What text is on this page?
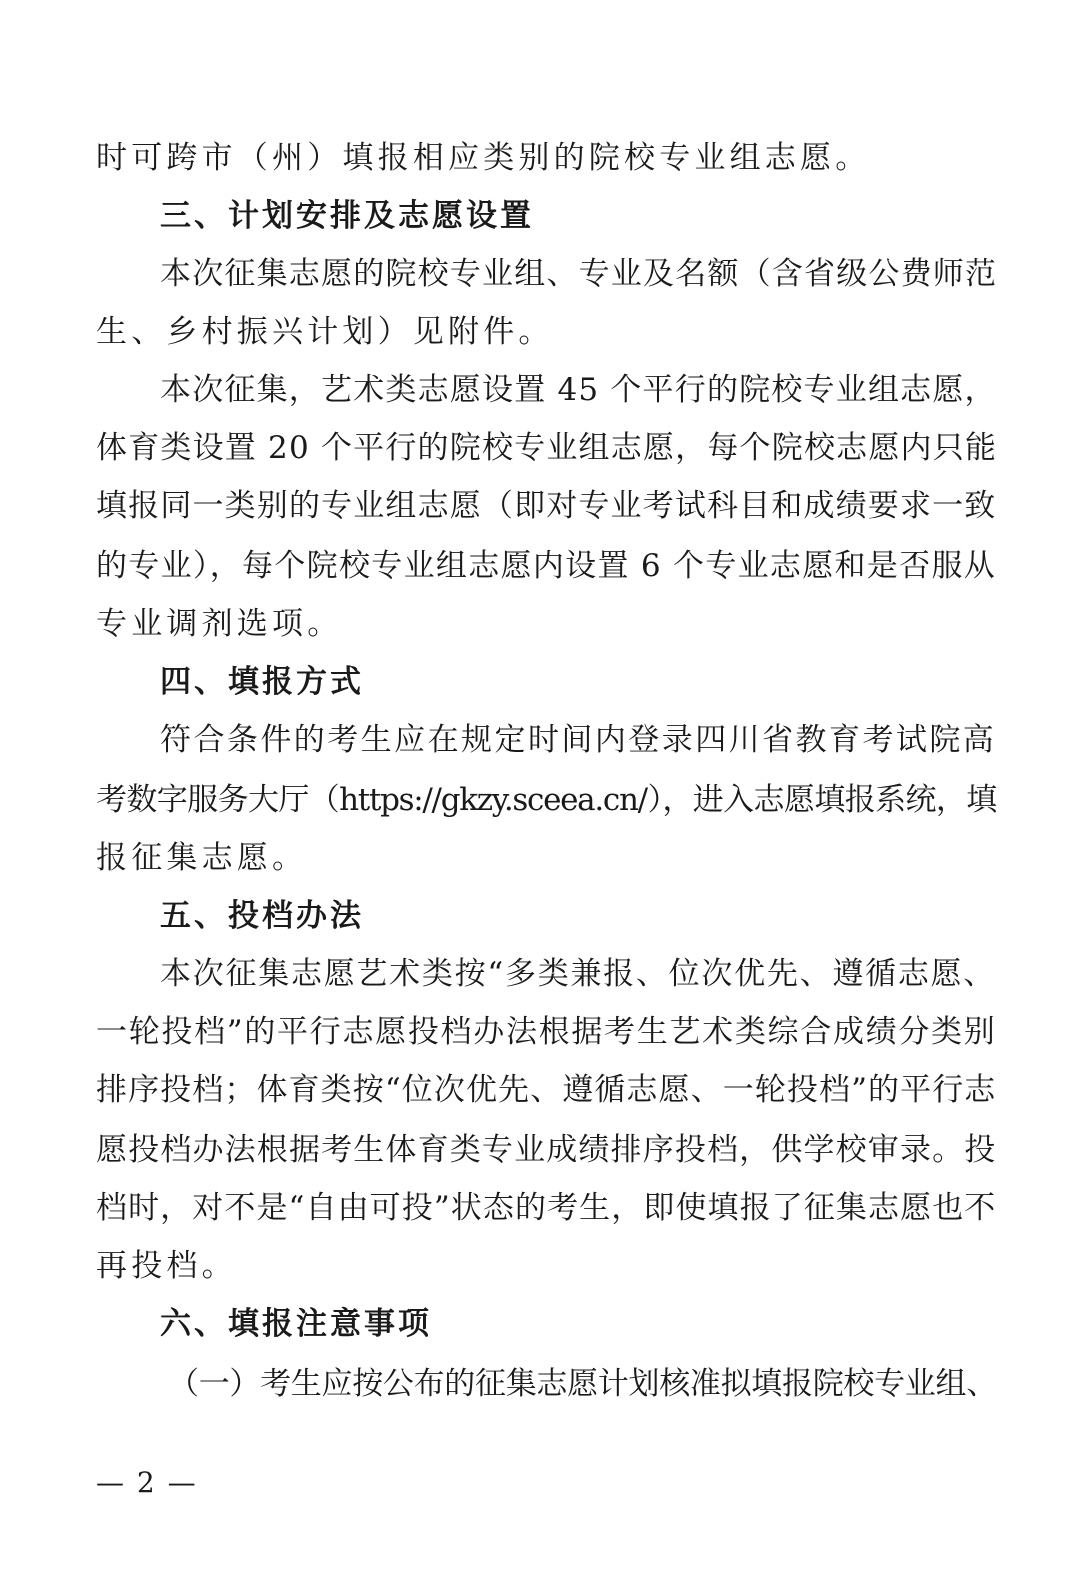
时可跨市（州）填报相应类别的院校专业组志愿。
三、计划安排及志愿设置
本次征集志愿的院校专业组、专业及名额（含省级公费师范
生、乡村振兴计划）见附件。
本次征集，艺术类志愿设置 45 个平行的院校专业组志愿，
体育类设置 20 个平行的院校专业组志愿，每个院校志愿内只能
填报同一类别的专业组志愿（即对专业考试科目和成绩要求一致
的专业），每个院校专业组志愿内设置 6 个专业志愿和是否服从
专业调剂选项。
四、填报方式
符合条件的考生应在规定时间内登录四川省教育考试院高
考数字服务大厅（https://gkzy.sceea.cn/），进入志愿填报系统，填
报征集志愿。
五、投档办法
本次征集志愿艺术类按“多类兼报、位次优先、遵循志愿、
一轮投档”的平行志愿投档办法根据考生艺术类综合成绩分类别
排序投档；体育类按“位次优先、遵循志愿、一轮投档”的平行志
愿投档办法根据考生体育类专业成绩排序投档，供学校审录。投
档时，对不是“自由可投”状态的考生，即使填报了征集志愿也不
再投档。
六、填报注意事项
（一）考生应按公布的征集志愿计划核准拟填报院校专业组、
— 2 —
